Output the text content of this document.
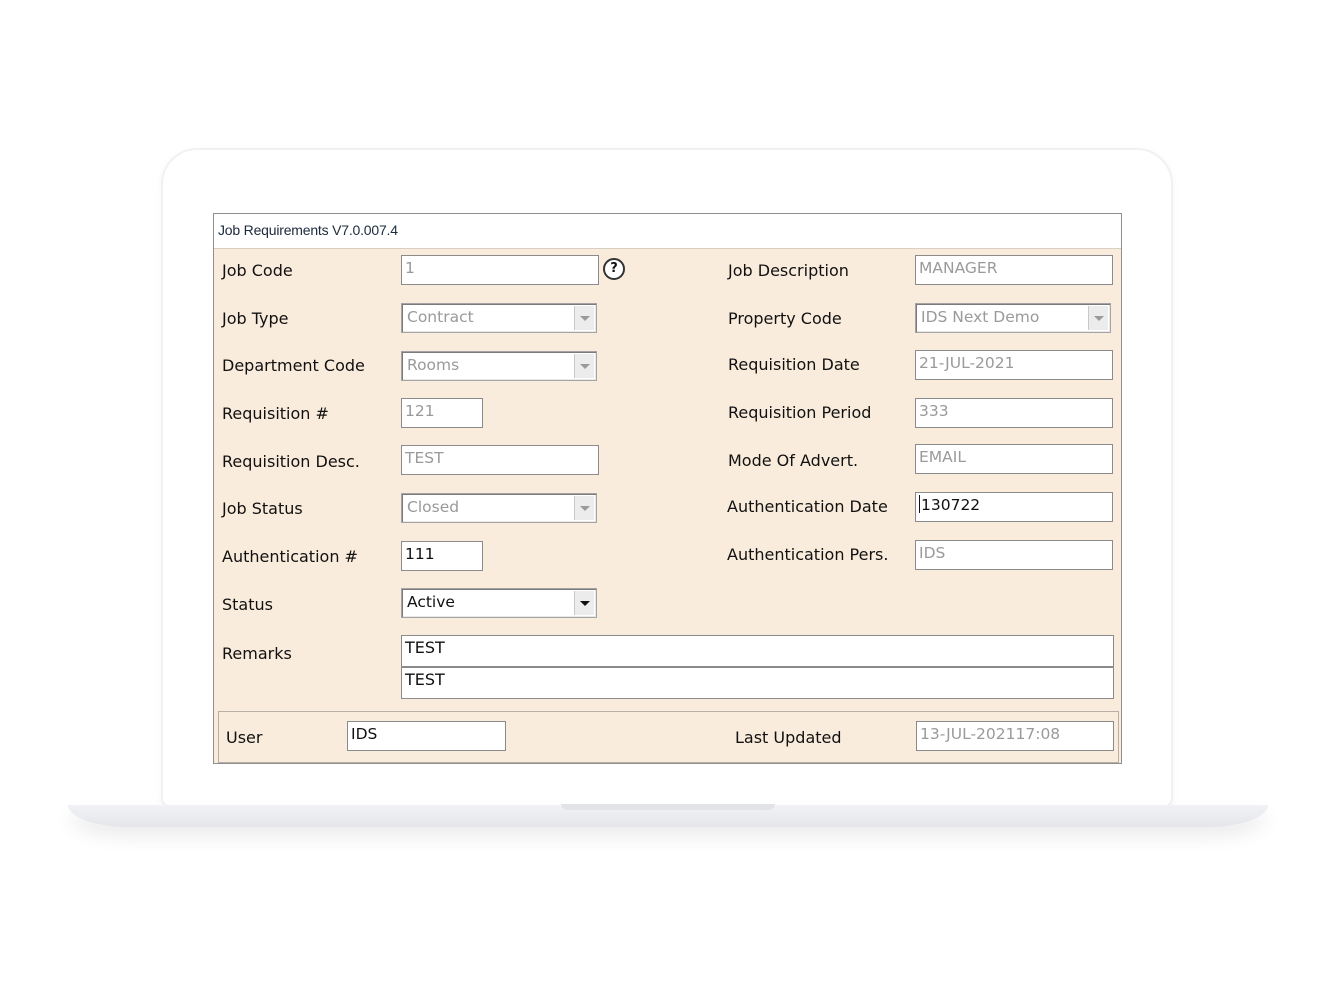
Job Requirements V7.0.007.4
Job Code	1	?
Job Type	Contract
Department Code	Rooms
Requisition #	121
Requisition Desc.	TEST
Job Status	Closed
Authentication #	111
Status	Active
Remarks	TEST
TEST
Job Description	MANAGER
Property Code	IDS Next Demo
Requisition Date	21-JUL-2021
Requisition Period	333
Mode Of Advert.	EMAIL
Authentication Date	130722
Authentication Pers. IDS
User	IDS	Last Updated	13-JUL-202117:08
